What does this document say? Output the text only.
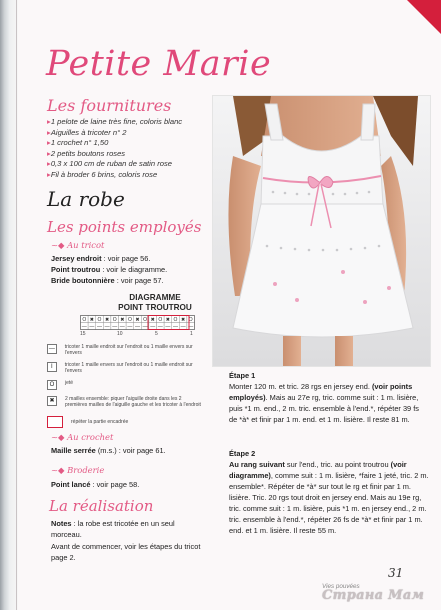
Petite Marie
Les fournitures
▸ 1 pelote de laine très fine, coloris blanc
▸ Aiguilles à tricoter n° 2
▸ 1 crochet n° 1,50
▸ 2 petits boutons roses
▸ 0,3 x 100 cm de ruban de satin rose
▸ Fil à broder 6 brins, coloris rose
La robe
Les points employés
~◆ Au tricot
Jersey endroit : voir page 56.
Point troutrou : voir le diagramme.
Bride boutonnière : voir page 57.
DIAGRAMME
POINT TROUTROU
O ✖ O ✖ O ✖ O ✖ O ✖ O ✖ O ✖ O
— — — — — — — — — — — — — — —
15	10	5	1
—	tricoter 1 maille endroit sur l'endroit ou 1 maille envers sur l'envers
I	tricoter 1 maille envers sur l'endroit ou 1 maille endroit sur l'envers
O	jeté
✖	2 mailles ensemble: piquer l'aiguille droite dans les 2 premières mailles de l'aiguille gauche et les tricoter à l'endroit
répéter la partie encadrée
~◆ Au crochet
Maille serrée (m.s.) : voir page 61.
~◆ Broderie
Point lancé : voir page 58.
La réalisation
Notes : la robe est tricotée en un seul morceau.
Avant de commencer, voir les étapes du tricot page 2.
Étape 1
Monter 120 m. et tric. 28 rgs en jersey end. (voir points employés). Mais au 27e rg, tric. comme suit : 1 m. lisière, puis *1 m. end., 2 m. tric. ensemble à l'end.*, répéter 39 fs de *à* et finir par 1 m. end. et 1 m. lisière. Il reste 81 m.
Étape 2
Au rang suivant sur l'end., tric. au point troutrou (voir diagramme), comme suit : 1 m. lisière, *faire 1 jeté, tric. 2 m. ensemble*. Répéter de *à* sur tout le rg et finir par 1 m. lisière. Tric. 20 rgs tout droit en jersey end. Mais au 19e rg, tric. comme suit : 1 m. lisière, puis *1 m. en jersey end., 2 m. tric. ensemble à l'end.*, répéter 26 fs de *à* et finir par 1 m. end. et 1 m. lisière. Il reste 55 m.
31
Vies pouvées
Страна Мам
